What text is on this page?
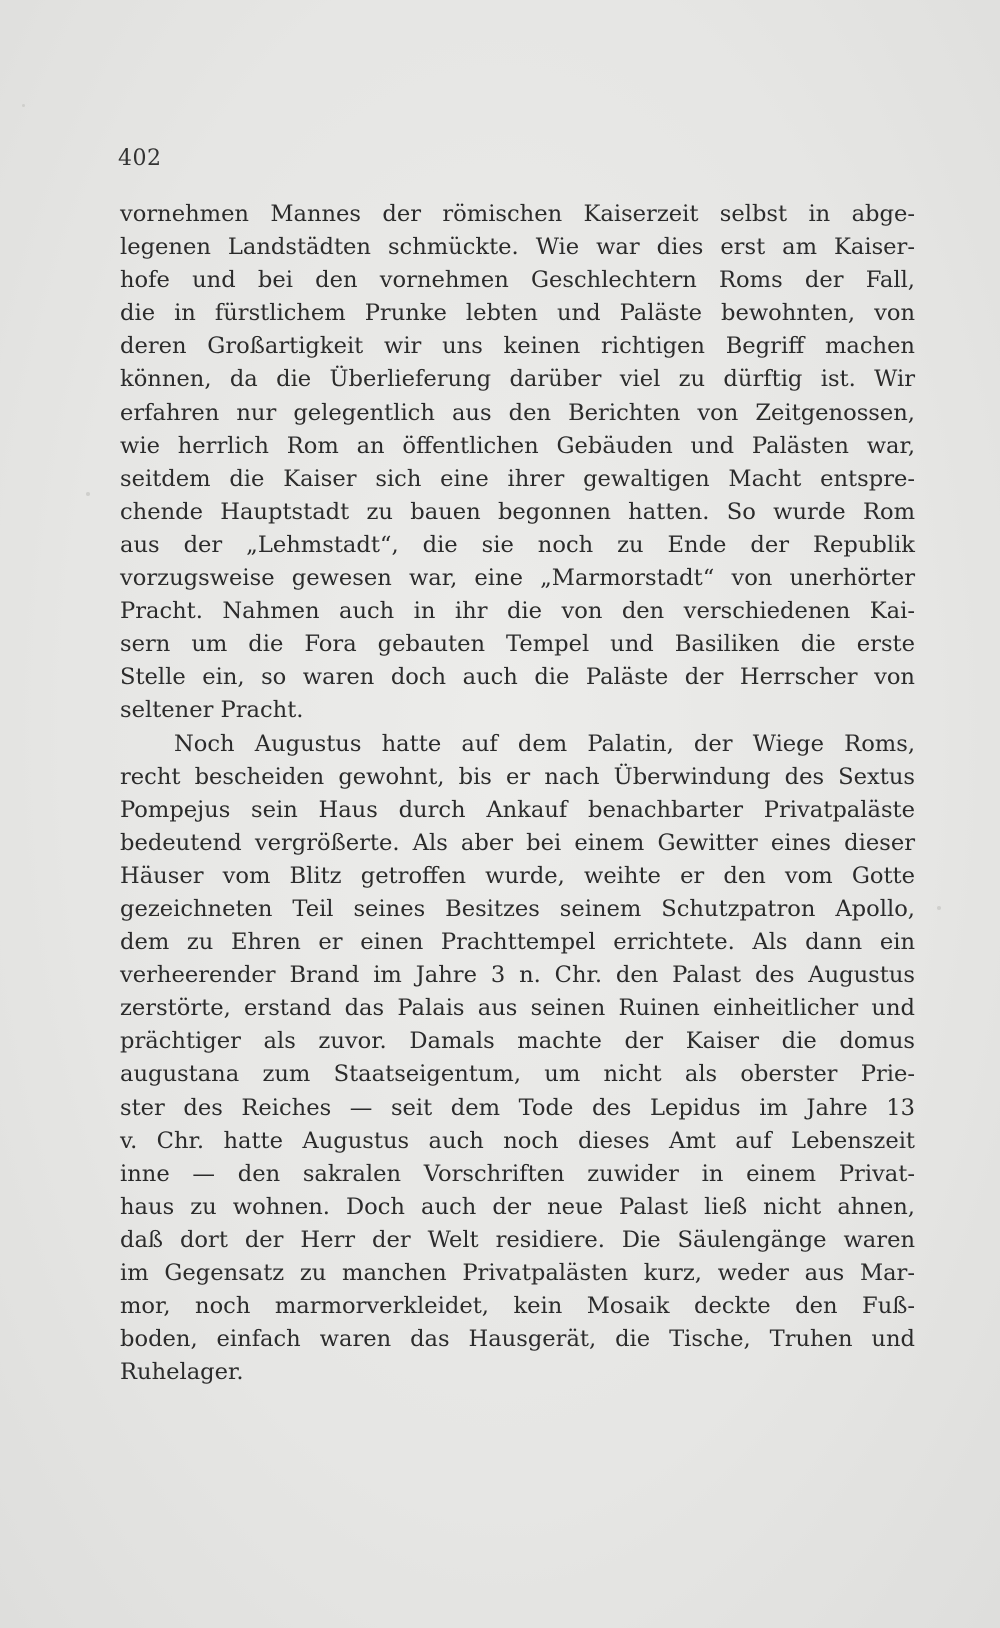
402
vornehmen Mannes der römischen Kaiserzeit selbst in abge-
legenen Landstädten schmückte. Wie war dies erst am Kaiser-
hofe und bei den vornehmen Geschlechtern Roms der Fall,
die in fürstlichem Prunke lebten und Paläste bewohnten, von
deren Großartigkeit wir uns keinen richtigen Begriff machen
können, da die Überlieferung darüber viel zu dürftig ist. Wir
erfahren nur gelegentlich aus den Berichten von Zeitgenossen,
wie herrlich Rom an öffentlichen Gebäuden und Palästen war,
seitdem die Kaiser sich eine ihrer gewaltigen Macht entspre-
chende Hauptstadt zu bauen begonnen hatten. So wurde Rom
aus der „Lehmstadt“, die sie noch zu Ende der Republik
vorzugsweise gewesen war, eine „Marmorstadt“ von unerhörter
Pracht. Nahmen auch in ihr die von den verschiedenen Kai-
sern um die Fora gebauten Tempel und Basiliken die erste
Stelle ein, so waren doch auch die Paläste der Herrscher von
seltener Pracht.
Noch Augustus hatte auf dem Palatin, der Wiege Roms,
recht bescheiden gewohnt, bis er nach Überwindung des Sextus
Pompejus sein Haus durch Ankauf benachbarter Privatpaläste
bedeutend vergrößerte. Als aber bei einem Gewitter eines dieser
Häuser vom Blitz getroffen wurde, weihte er den vom Gotte
gezeichneten Teil seines Besitzes seinem Schutzpatron Apollo,
dem zu Ehren er einen Prachttempel errichtete. Als dann ein
verheerender Brand im Jahre 3 n. Chr. den Palast des Augustus
zerstörte, erstand das Palais aus seinen Ruinen einheitlicher und
prächtiger als zuvor. Damals machte der Kaiser die domus
augustana zum Staatseigentum, um nicht als oberster Prie-
ster des Reiches — seit dem Tode des Lepidus im Jahre 13
v. Chr. hatte Augustus auch noch dieses Amt auf Lebenszeit
inne — den sakralen Vorschriften zuwider in einem Privat-
haus zu wohnen. Doch auch der neue Palast ließ nicht ahnen,
daß dort der Herr der Welt residiere. Die Säulengänge waren
im Gegensatz zu manchen Privatpalästen kurz, weder aus Mar-
mor, noch marmorverkleidet, kein Mosaik deckte den Fuß-
boden, einfach waren das Hausgerät, die Tische, Truhen und
Ruhelager.
